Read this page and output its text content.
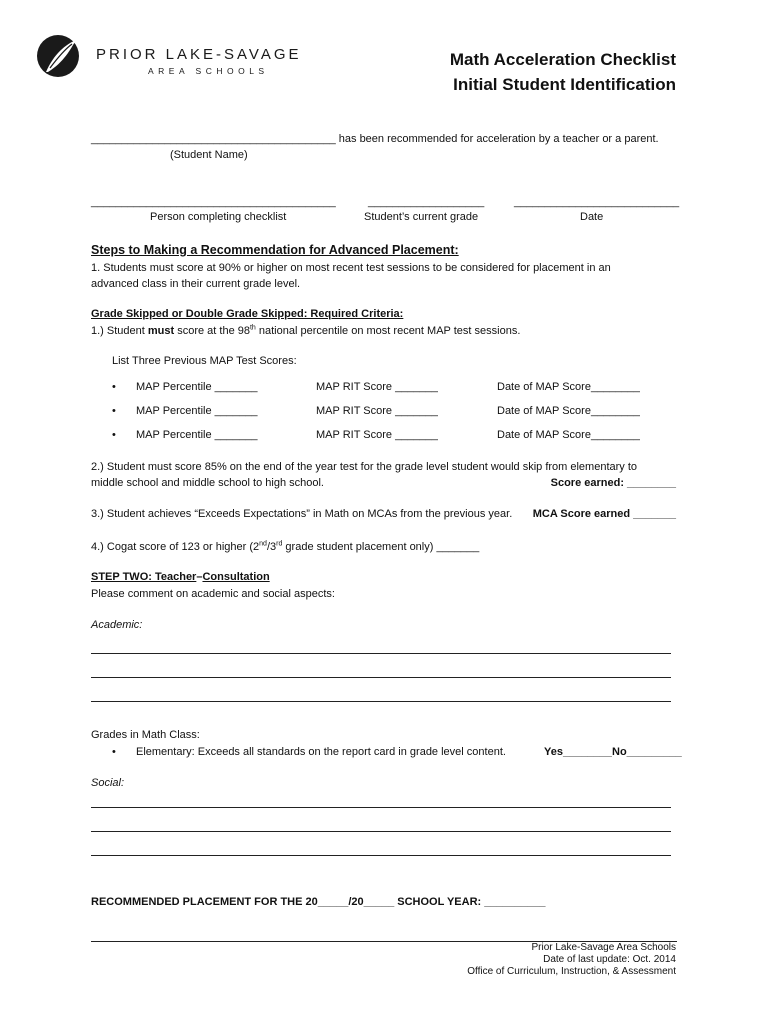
PRIOR LAKE-SAVAGE
AREA SCHOOLS
Math Acceleration Checklist
Initial Student Identification
________________________________________ has been recommended for acceleration by a teacher or a parent.
(Student Name)
________________________________________	___________________	___________________________
Person completing checklist	Student’s current grade	Date
Steps to Making a Recommendation for Advanced Placement:
1. Students must score at 90% or higher on most recent test sessions to be considered for placement in an
advanced class in their current grade level.
Grade Skipped or Double Grade Skipped: Required Criteria:
1.) Student must score at the 98th national percentile on most recent MAP test sessions.
List Three Previous MAP Test Scores:
• MAP Percentile _______	MAP RIT Score _______	Date of MAP Score________
• MAP Percentile _______	MAP RIT Score _______	Date of MAP Score________
• MAP Percentile _______	MAP RIT Score _______	Date of MAP Score________
2.) Student must score 85% on the end of the year test for the grade level student would skip from elementary to
middle school and middle school to high school.	Score earned: ________
3.) Student achieves “Exceeds Expectations” in Math on MCAs from the previous year. MCA Score earned _______
4.) Cogat score of 123 or higher (2nd/3rd grade student placement only) _______
STEP TWO: Teacher–Consultation
Please comment on academic and social aspects:
Academic:
Grades in Math Class:
• Elementary: Exceeds all standards on the report card in grade level content.	Yes________ No_________
Social:
RECOMMENDED PLACEMENT FOR THE 20_____/20_____ SCHOOL YEAR: __________
Prior Lake-Savage Area Schools
Date of last update: Oct. 2014
Office of Curriculum, Instruction, & Assessment
